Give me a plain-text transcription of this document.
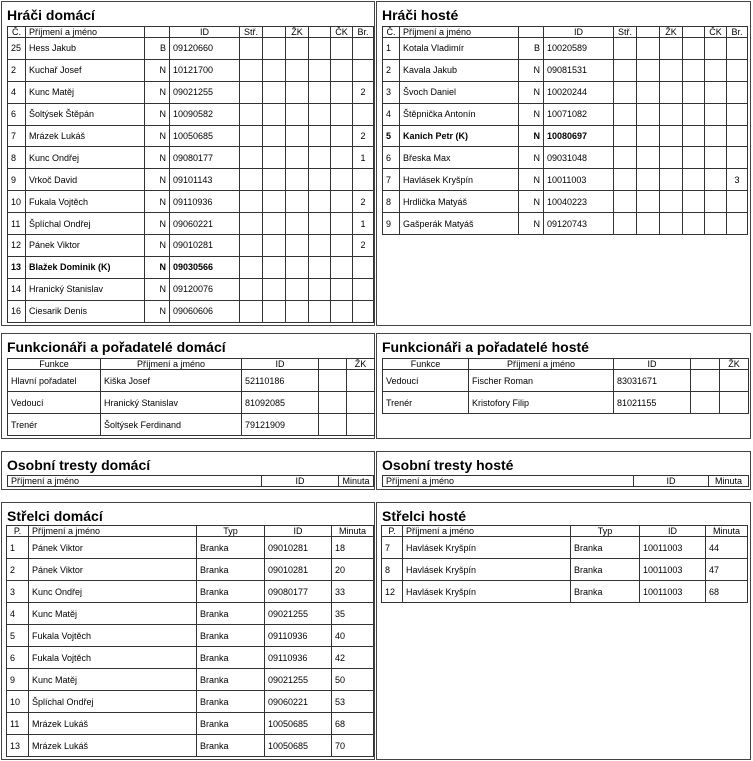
Hráči domácí
Č.	Příjmení a jméno		ID	Stř.		ŽK		ČK	Br.
25	Hess Jakub	B	09120660						
2	Kuchař Josef	N	10121700						
4	Kunc Matěj	N	09021255						2
6	Šoltýsek Štěpán	N	10090582						
7	Mrázek Lukáš	N	10050685						2
8	Kunc Ondřej	N	09080177						1
9	Vrkoč David	N	09101143						
10	Fukala Vojtěch	N	09110936						2
11	Šplíchal Ondřej	N	09060221						1
12	Pánek Viktor	N	09010281						2
13	Blažek Dominik (K)	N	09030566						
14	Hranický Stanislav	N	09120076						
16	Ciesarik Denis	N	09060606						
Hráči hosté
Č.	Příjmení a jméno		ID	Stř.		ŽK		ČK	Br.
1	Kotala Vladimír	B	10020589						
2	Kavala Jakub	N	09081531						
3	Švoch Daniel	N	10020244						
4	Štěpnička Antonín	N	10071082						
5	Kanich Petr (K)	N	10080697						
6	Břeska Max	N	09031048						
7	Havlásek Kryšpín	N	10011003						3
8	Hrdlička Matyáš	N	10040223						
9	Gašperák Matyáš	N	09120743						
Funkcionáři a pořadatelé domácí
Funkce	Příjmení a jméno	ID		ŽK
Hlavní pořadatel	Kiška Josef	52110186		
Vedoucí	Hranický Stanislav	81092085		
Trenér	Šoltýsek Ferdinand	79121909		
Funkcionáři a pořadatelé hosté
Funkce	Příjmení a jméno	ID		ŽK
Vedoucí	Fischer Roman	83031671		
Trenér	Kristofory Filip	81021155		
Osobní tresty domácí
Příjmení a jméno	ID	Minuta
Osobní tresty hosté
Příjmení a jméno	ID	Minuta
Střelci domácí
P.	Příjmení a jméno	Typ	ID	Minuta
1	Pánek Viktor	Branka	09010281	18
2	Pánek Viktor	Branka	09010281	20
3	Kunc Ondřej	Branka	09080177	33
4	Kunc Matěj	Branka	09021255	35
5	Fukala Vojtěch	Branka	09110936	40
6	Fukala Vojtěch	Branka	09110936	42
9	Kunc Matěj	Branka	09021255	50
10	Šplíchal Ondřej	Branka	09060221	53
11	Mrázek Lukáš	Branka	10050685	68
13	Mrázek Lukáš	Branka	10050685	70
Střelci hosté
P.	Příjmení a jméno	Typ	ID	Minuta
7	Havlásek Kryšpín	Branka	10011003	44
8	Havlásek Kryšpín	Branka	10011003	47
12	Havlásek Kryšpín	Branka	10011003	68
